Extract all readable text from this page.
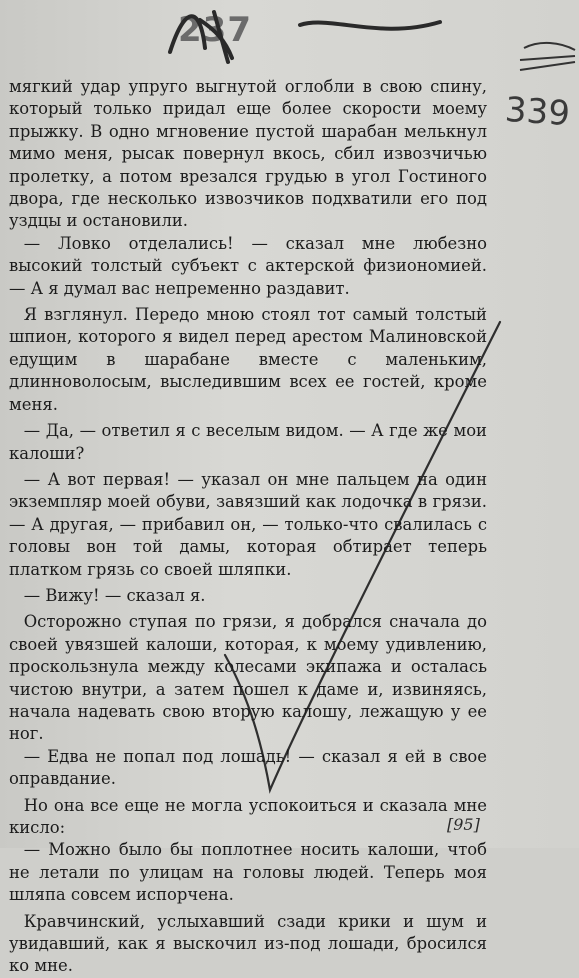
237
339

мягкий удар упруго выгнутой оглобли в свою спину, который только придал еще более скорости моему прыжку. В одно мгновение пустой шарабан мелькнул мимо меня, рысак повернул вкось, сбил извозчичью пролетку, а потом врезался грудью в угол Гостиного двора, где несколько извозчиков подхватили его под уздцы и остановили.

— Ловко отделались! — сказал мне любезно высокий толстый субъект с актерской физиономией. — А я думал вас непременно раздавит.

Я взглянул. Передо мною стоял тот самый толстый шпион, которого я видел перед арестом Малиновской едущим в шарабане вместе с маленьким, длинноволосым, выследившим всех ее гостей, кроме меня.

— Да, — ответил я с веселым видом. — А где же мои калоши?

— А вот первая! — указал он мне пальцем на один экземпляр моей обуви, завязший как лодочка в грязи. — А другая, — прибавил он, — только-что свалилась с головы вон той дамы, которая обтирает теперь платком грязь со своей шляпки.

— Вижу! — сказал я.

Осторожно ступая по грязи, я добрался сначала до своей увязшей калоши, которая, к моему удивлению, проскользнула между колесами экипажа и осталась чистою внутри, а затем пошел к даме и, извиняясь, начала надевать свою вторую калошу, лежащую у ее ног.

— Едва не попал под лошадь! — сказал я ей в свое оправдание.

Но она все еще не могла успокоиться и сказала мне кисло:

— Можно было бы поплотнее носить калоши, чтоб не летали по улицам на головы людей. Теперь моя шляпа совсем испорчена.

Кравчинский, услыхавший сзади крики и шум и увидавший, как я выскочил из-под лошади, бросился ко мне.

[95]
